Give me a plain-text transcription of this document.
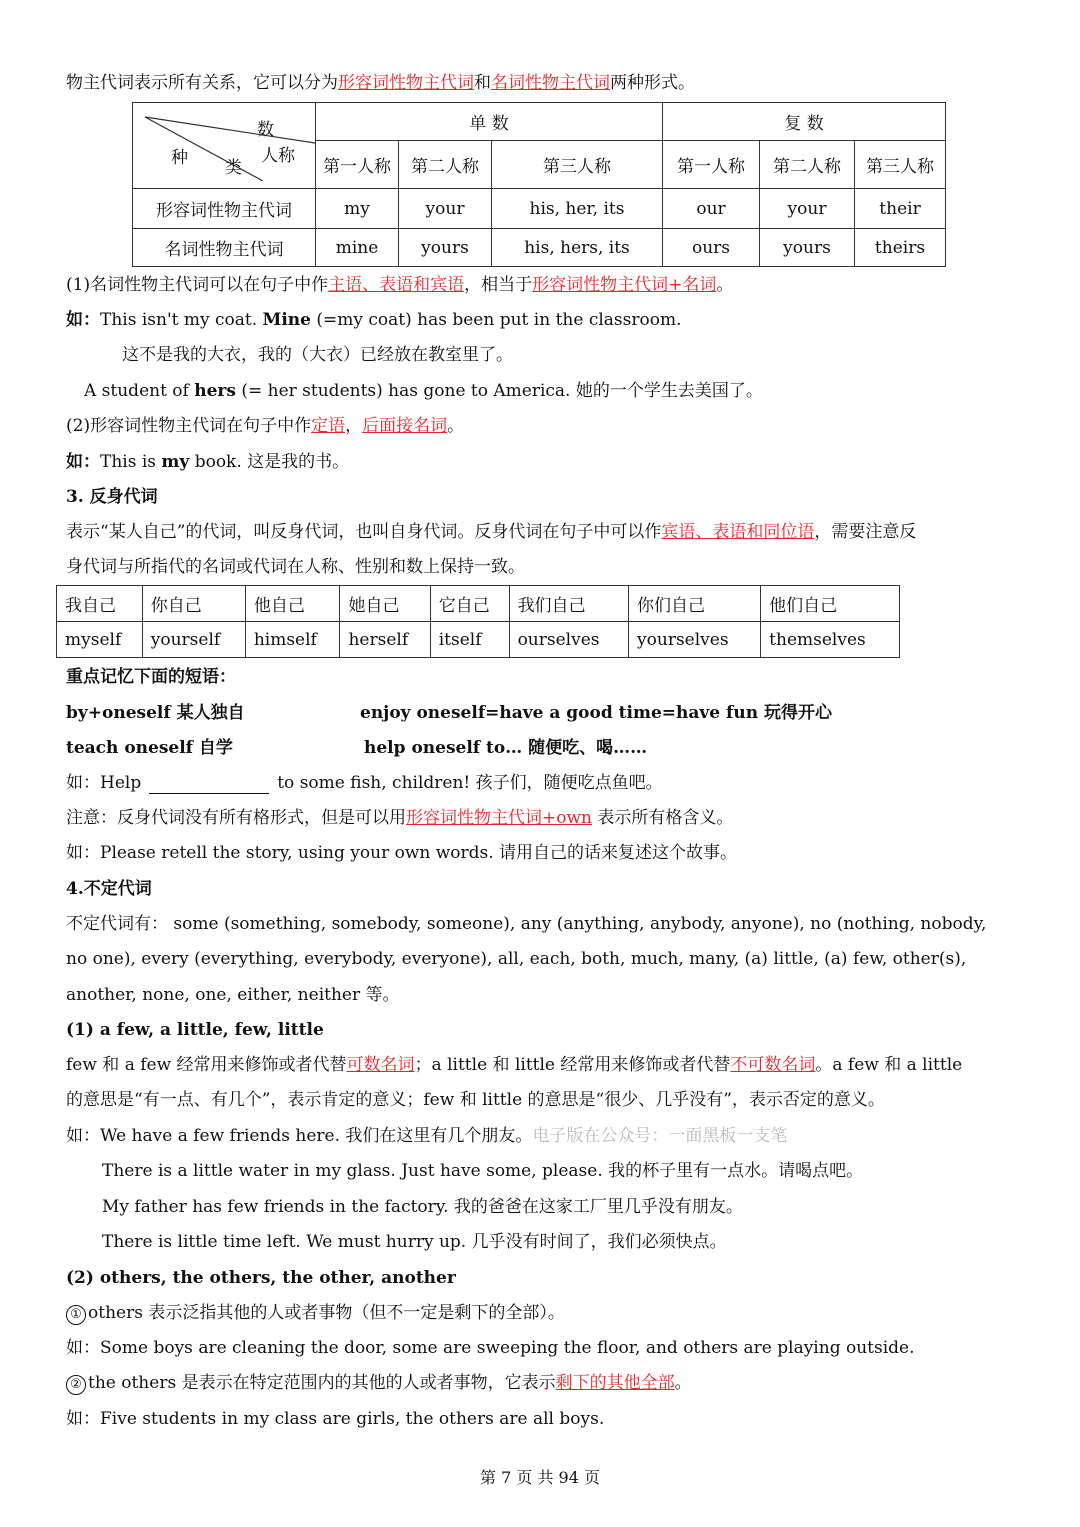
物主代词表示所有关系，它可以分为形容词性物主代词和名词性物主代词两种形式。
数
种 类
人称	单 数			复 数		
	第一人称	第二人称	第三人称	第一人称	第二人称	第三人称
形容词性物主代词	my	your	his, her, its	our	your	their
名词性物主代词	mine	yours	his, hers, its	ours	yours	theirs
(1)名词性物主代词可以在句子中作主语、表语和宾语，相当于形容词性物主代词+名词。
如：This isn't my coat. Mine (=my coat) has been put in the classroom.
这不是我的大衣，我的（大衣）已经放在教室里了。
A student of hers (= her students) has gone to America. 她的一个学生去美国了。
(2)形容词性物主代词在句子中作定语，后面接名词。
如：This is my book. 这是我的书。
3. 反身代词
表示“某人自己”的代词，叫反身代词，也叫自身代词。反身代词在句子中可以作宾语、表语和同位语，需要注意反
身代词与所指代的名词或代词在人称、性别和数上保持一致。
我自己	你自己	他自己	她自己	它自己	我们自己	你们自己	他们自己
myself	yourself	himself	herself	itself	ourselves	yourselves	themselves
重点记忆下面的短语：
by+oneself 某人独自	enjoy oneself=have a good time=have fun 玩得开心
teach oneself 自学	help oneself to… 随便吃、喝……
如：Help	to some fish, children! 孩子们，随便吃点鱼吧。
注意：反身代词没有所有格形式，但是可以用形容词性物主代词+own 表示所有格含义。
如：Please retell the story, using your own words. 请用自己的话来复述这个故事。
4.不定代词
不定代词有： some (something, somebody, someone), any (anything, anybody, anyone), no (nothing, nobody,
no one), every (everything, everybody, everyone), all, each, both, much, many, (a) little, (a) few, other(s),
another, none, one, either, neither 等。
(1) a few, a little, few, little
few 和 a few 经常用来修饰或者代替可数名词；a little 和 little 经常用来修饰或者代替不可数名词。a few 和 a little
的意思是“有一点、有几个”，表示肯定的意义；few 和 little 的意思是“很少、几乎没有”，表示否定的意义。
如：We have a few friends here. 我们在这里有几个朋友。电子版在公众号：一面黑板一支笔
There is a little water in my glass. Just have some, please. 我的杯子里有一点水。请喝点吧。
My father has few friends in the factory. 我的爸爸在这家工厂里几乎没有朋友。
There is little time left. We must hurry up. 几乎没有时间了，我们必须快点。
(2) others, the others, the other, another
① others 表示泛指其他的人或者事物（但不一定是剩下的全部）。
如：Some boys are cleaning the door, some are sweeping the floor, and others are playing outside.
② the others 是表示在特定范围内的其他的人或者事物，它表示剩下的其他全部。
如：Five students in my class are girls, the others are all boys.
第 7 页 共 94 页
